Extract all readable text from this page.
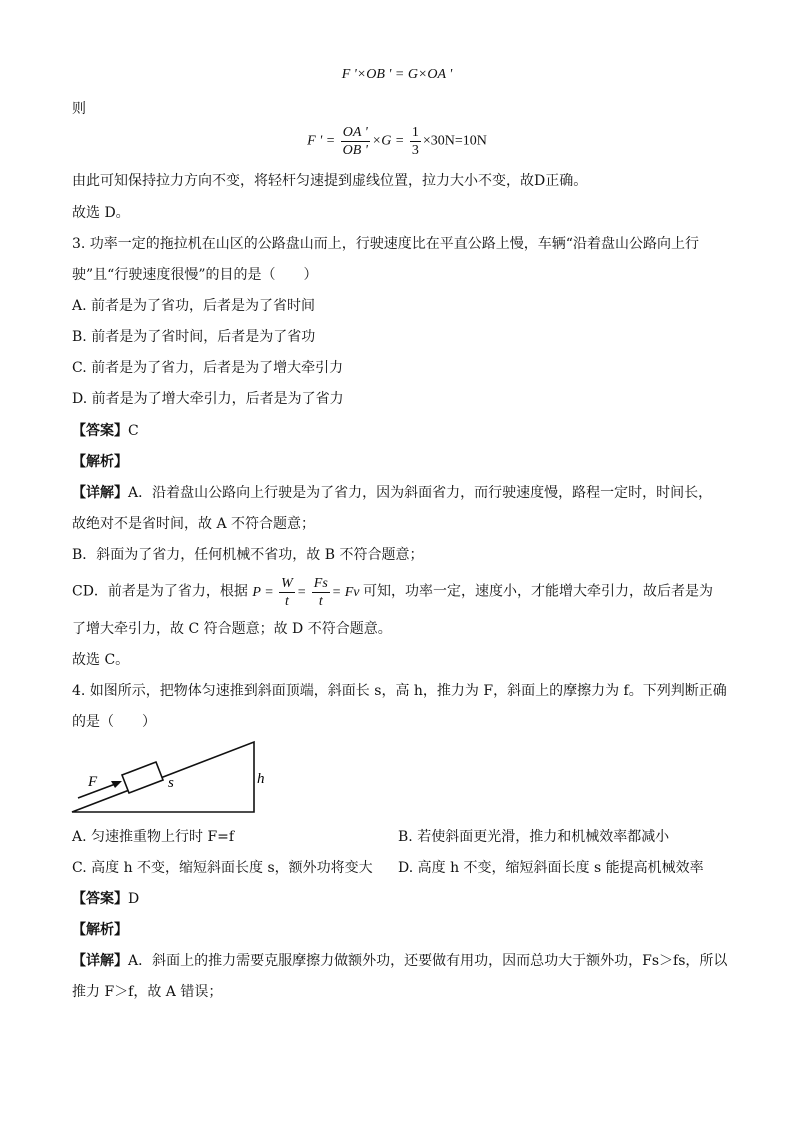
F '×OB ' = G×OA '
则
F ' = $\frac{OA '}{OB '} \times G = \frac{1}{3} \times 30N=10N$
由此可知保持拉力方向不变，将轻杆匀速提到虚线位置，拉力大小不变，故D正确。
故选 D。
3. 功率一定的拖拉机在山区的公路盘山而上，行驶速度比在平直公路上慢，车辆“沿着盘山公路向上行
驶”且“行驶速度很慢”的目的是（　　）
A. 前者是为了省功，后者是为了省时间
B. 前者是为了省时间，后者是为了省功
C. 前者是为了省力，后者是为了增大牵引力
D. 前者是为了增大牵引力，后者是为了省力
【答案】C
【解析】
【详解】A．沿着盘山公路向上行驶是为了省力，因为斜面省力，而行驶速度慢，路程一定时，时间长，
故绝对不是省时间，故 A 不符合题意；
B．斜面为了省力，任何机械不省功，故 B 不符合题意；
CD．前者是为了省力，根据 $P = \frac{W}{t} = \frac{Fs}{t} = Fv$ 可知，功率一定，速度小，才能增大牵引力，故后者是为
了增大牵引力，故 C 符合题意；故 D 不符合题意。
故选 C。
4. 如图所示，把物体匀速推到斜面顶端，斜面长 s，高 h，推力为 F，斜面上的摩擦力为 f。下列判断正确
的是（　　）
F	s	h
A. 匀速推重物上行时 F=f	B. 若使斜面更光滑，推力和机械效率都减小
C. 高度 h 不变，缩短斜面长度 s，额外功将变大 D. 高度 h 不变，缩短斜面长度 s 能提高机械效率
【答案】D
【解析】
【详解】A．斜面上的推力需要克服摩擦力做额外功，还要做有用功，因而总功大于额外功，Fs＞fs，所以
推力 F＞f，故 A 错误；
